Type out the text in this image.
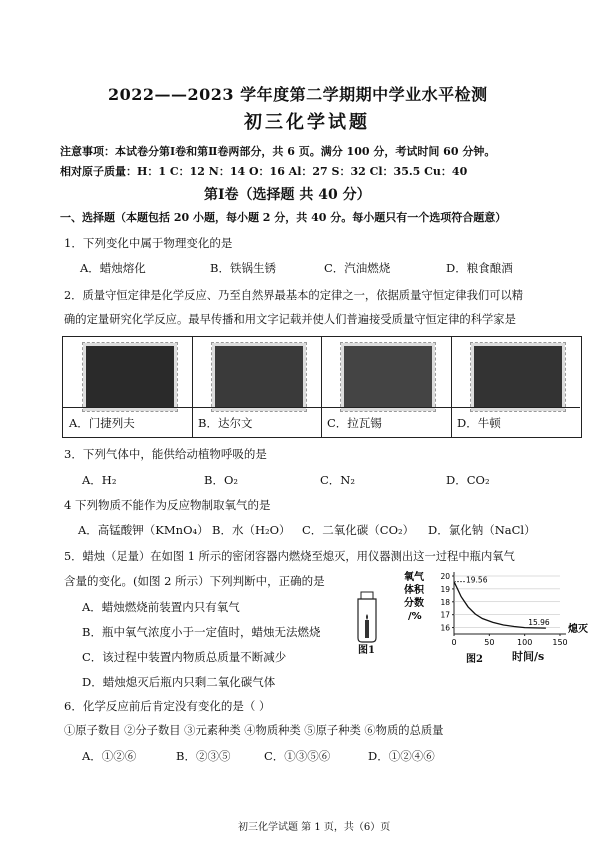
2022——2023 学年度第二学期期中学业水平检测
初三化学试题
注意事项：本试卷分第Ⅰ卷和第Ⅱ卷两部分，共 6 页。满分 100 分，考试时间 60 分钟。
相对原子质量：H：1 C：12 N：14 O：16 Al：27 S：32 Cl：35.5 Cu：40
第Ⅰ卷（选择题 共 40 分）
一、选择题（本题包括 20 小题，每小题 2 分，共 40 分。每小题只有一个选项符合题意）
1．下列变化中属于物理变化的是
A．蜡烛熔化	B．铁锅生锈	C．汽油燃烧	D．粮食酿酒
2．质量守恒定律是化学反应、乃至自然界最基本的定律之一，依据质量守恒定律我们可以精
确的定量研究化学反应。最早传播和用文字记载并使人们普遍接受质量守恒定律的科学家是
A．门捷列夫	B．达尔文	C．拉瓦锡	D．牛顿
3．下列气体中，能供给动植物呼吸的是
A．H₂	B．O₂	C．N₂	D．CO₂
4 下列物质不能作为反应物制取氧气的是
A．高锰酸钾（KMnO₄） B．水（H₂O） C．二氧化碳（CO₂） D．氯化钠（NaCl）
5．蜡烛（足量）在如图 1 所示的密闭容器内燃烧至熄灭，用仪器测出这一过程中瓶内氧气
含量的变化。(如图 2 所示）下列判断中，正确的是
A．蜡烛燃烧前装置内只有氧气
B．瓶中氧气浓度小于一定值时，蜡烛无法燃烧
C．该过程中装置内物质总质量不断减少
D．蜡烛熄灭后瓶内只剩二氧化碳气体
图1
氧气
体积
分数
/%
0	50	100	150
16
17
18
19
20 19.56
15.96
熄灭
图2	时间/s
6．化学反应前后肯定没有变化的是（ ）
①原子数目 ②分子数目 ③元素种类 ④物质种类 ⑤原子种类 ⑥物质的总质量
A．①②⑥	B．②③⑤	C．①③⑤⑥	D．①②④⑥
初三化学试题 第 1 页，共（6）页
